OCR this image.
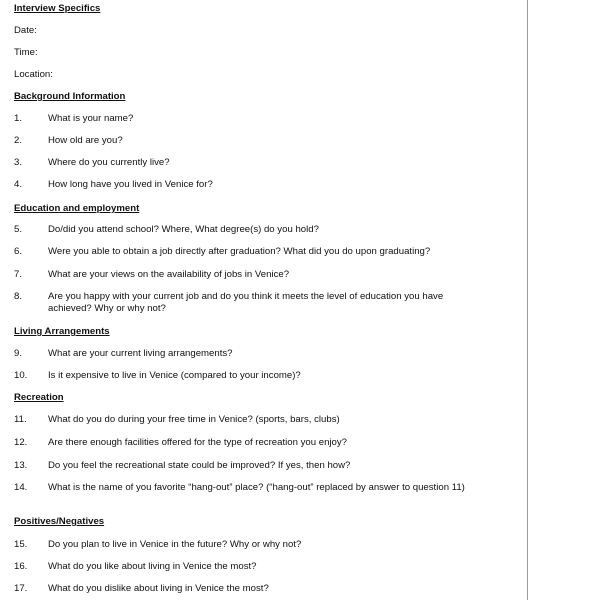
Interview Specifics
Date:
Time:
Location:
Background Information
1.	What is your name?
2.	How old are you?
3.	Where do you currently live?
4.	How long have you lived in Venice for?
Education and employment
5.	Do/did you attend school? Where, What degree(s) do you hold?
6.	Were you able to obtain a job directly after graduation? What did you do upon graduating?
7.	What are your views on the availability of jobs in Venice?
8.	Are you happy with your current job and do you think it meets the level of education you have achieved? Why or why not?
Living Arrangements
9.	What are your current living arrangements?
10.	Is it expensive to live in Venice (compared to your income)?
Recreation
11.	What do you do during your free time in Venice? (sports, bars, clubs)
12.	Are there enough facilities offered for the type of recreation you enjoy?
13.	Do you feel the recreational state could be improved? If yes, then how?
14.	What is the name of you favorite “hang-out” place? (“hang-out” replaced by answer to question 11)
Positives/Negatives
15.	Do you plan to live in Venice in the future? Why or why not?
16.	What do you like about living in Venice the most?
17.	What do you dislike about living in Venice the most?
